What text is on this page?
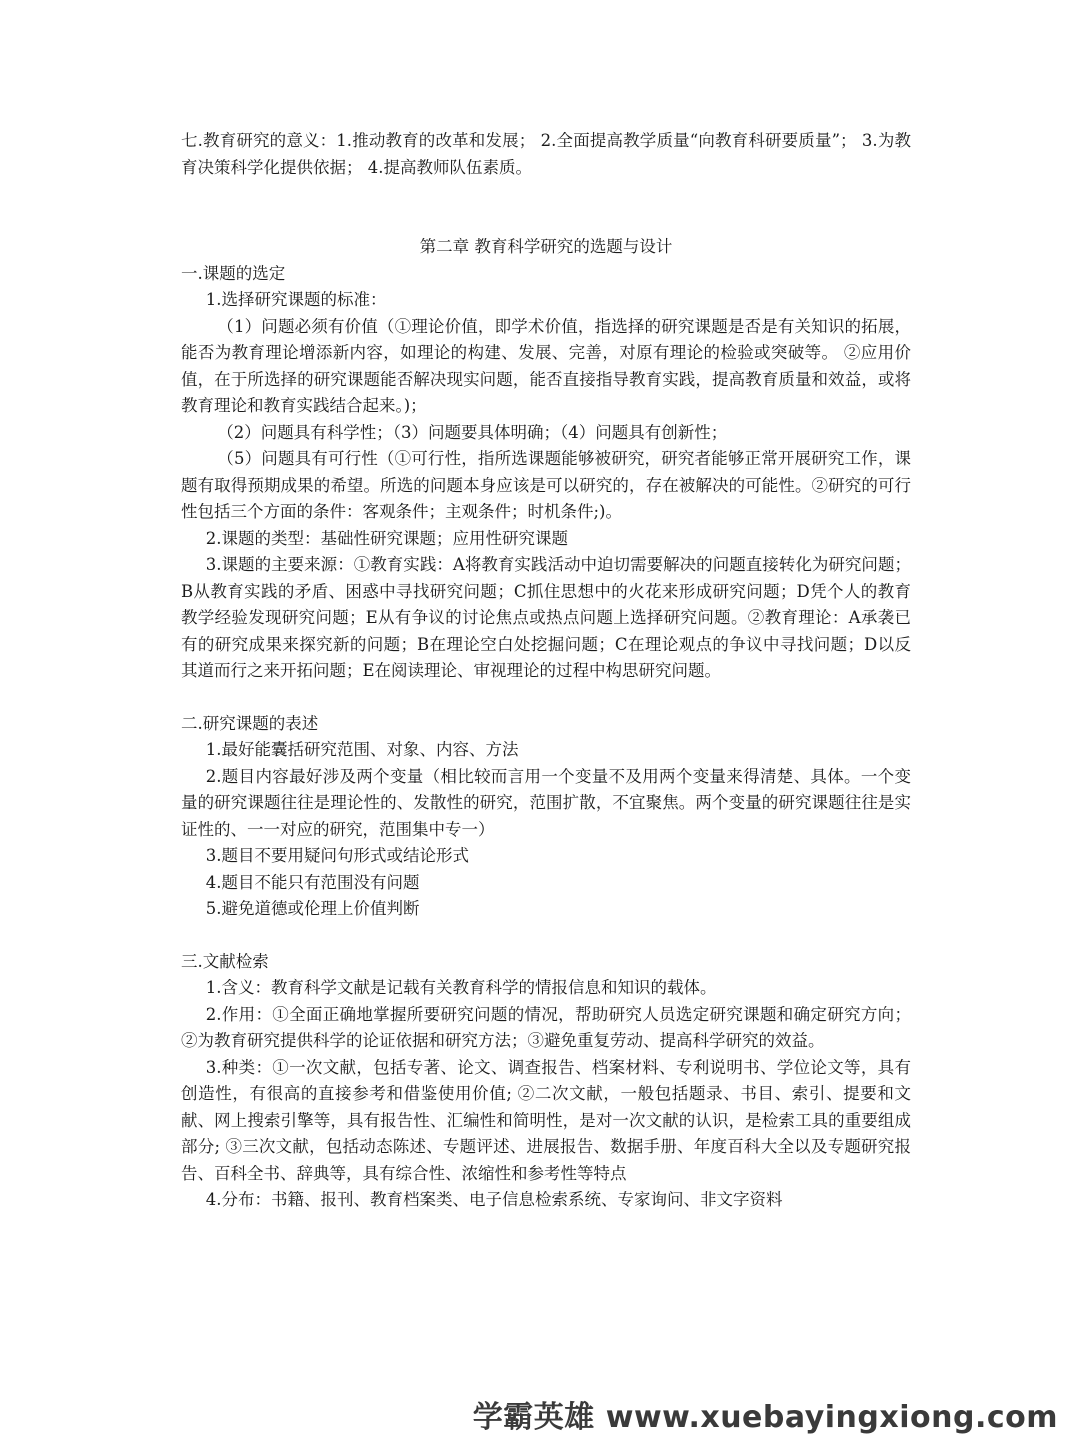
七.教育研究的意义：1.推动教育的改革和发展； 2.全面提高教学质量“向教育科研要质量”； 3.为教育决策科学化提供依据； 4.提高教师队伍素质。

第二章 教育科学研究的选题与设计

一.课题的选定

1.选择研究课题的标准：

（1）问题必须有价值（①理论价值，即学术价值，指选择的研究课题是否是有关知识的拓展，能否为教育理论增添新内容，如理论的构建、发展、完善，对原有理论的检验或突破等。 ②应用价值，在于所选择的研究课题能否解决现实问题，能否直接指导教育实践，提高教育质量和效益，或将教育理论和教育实践结合起来。)；

（2）问题具有科学性；（3）问题要具体明确；（4）问题具有创新性；

（5）问题具有可行性（①可行性，指所选课题能够被研究，研究者能够正常开展研究工作，课题有取得预期成果的希望。所选的问题本身应该是可以研究的，存在被解决的可能性。②研究的可行性包括三个方面的条件：客观条件；主观条件；时机条件;)。

2.课题的类型：基础性研究课题；应用性研究课题

3.课题的主要来源：①教育实践：A将教育实践活动中迫切需要解决的问题直接转化为研究问题；B从教育实践的矛盾、困惑中寻找研究问题；C抓住思想中的火花来形成研究问题；D凭个人的教育教学经验发现研究问题；E从有争议的讨论焦点或热点问题上选择研究问题。②教育理论：A承袭已有的研究成果来探究新的问题；B在理论空白处挖掘问题；C在理论观点的争议中寻找问题；D以反其道而行之来开拓问题；E在阅读理论、审视理论的过程中构思研究问题。

二.研究课题的表述

1.最好能囊括研究范围、对象、内容、方法

2.题目内容最好涉及两个变量（相比较而言用一个变量不及用两个变量来得清楚、具体。一个变量的研究课题往往是理论性的、发散性的研究，范围扩散，不宜聚焦。两个变量的研究课题往往是实证性的、一一对应的研究，范围集中专一）

3.题目不要用疑问句形式或结论形式

4.题目不能只有范围没有问题

5.避免道德或伦理上价值判断

三.文献检索

1.含义：教育科学文献是记载有关教育科学的情报信息和知识的载体。

2.作用：①全面正确地掌握所要研究问题的情况，帮助研究人员选定研究课题和确定研究方向；②为教育研究提供科学的论证依据和研究方法；③避免重复劳动、提高科学研究的效益。

3.种类：①一次文献，包括专著、论文、调查报告、档案材料、专利说明书、学位论文等，具有创造性，有很高的直接参考和借鉴使用价值; ②二次文献，一般包括题录、书目、索引、提要和文献、网上搜索引擎等，具有报告性、汇编性和简明性，是对一次文献的认识，是检索工具的重要组成部分; ③三次文献，包括动态陈述、专题评述、进展报告、数据手册、年度百科大全以及专题研究报告、百科全书、辞典等，具有综合性、浓缩性和参考性等特点

4.分布：书籍、报刊、教育档案类、电子信息检索系统、专家询问、非文字资料

学霸英雄 www.xuebayingxiong.com
